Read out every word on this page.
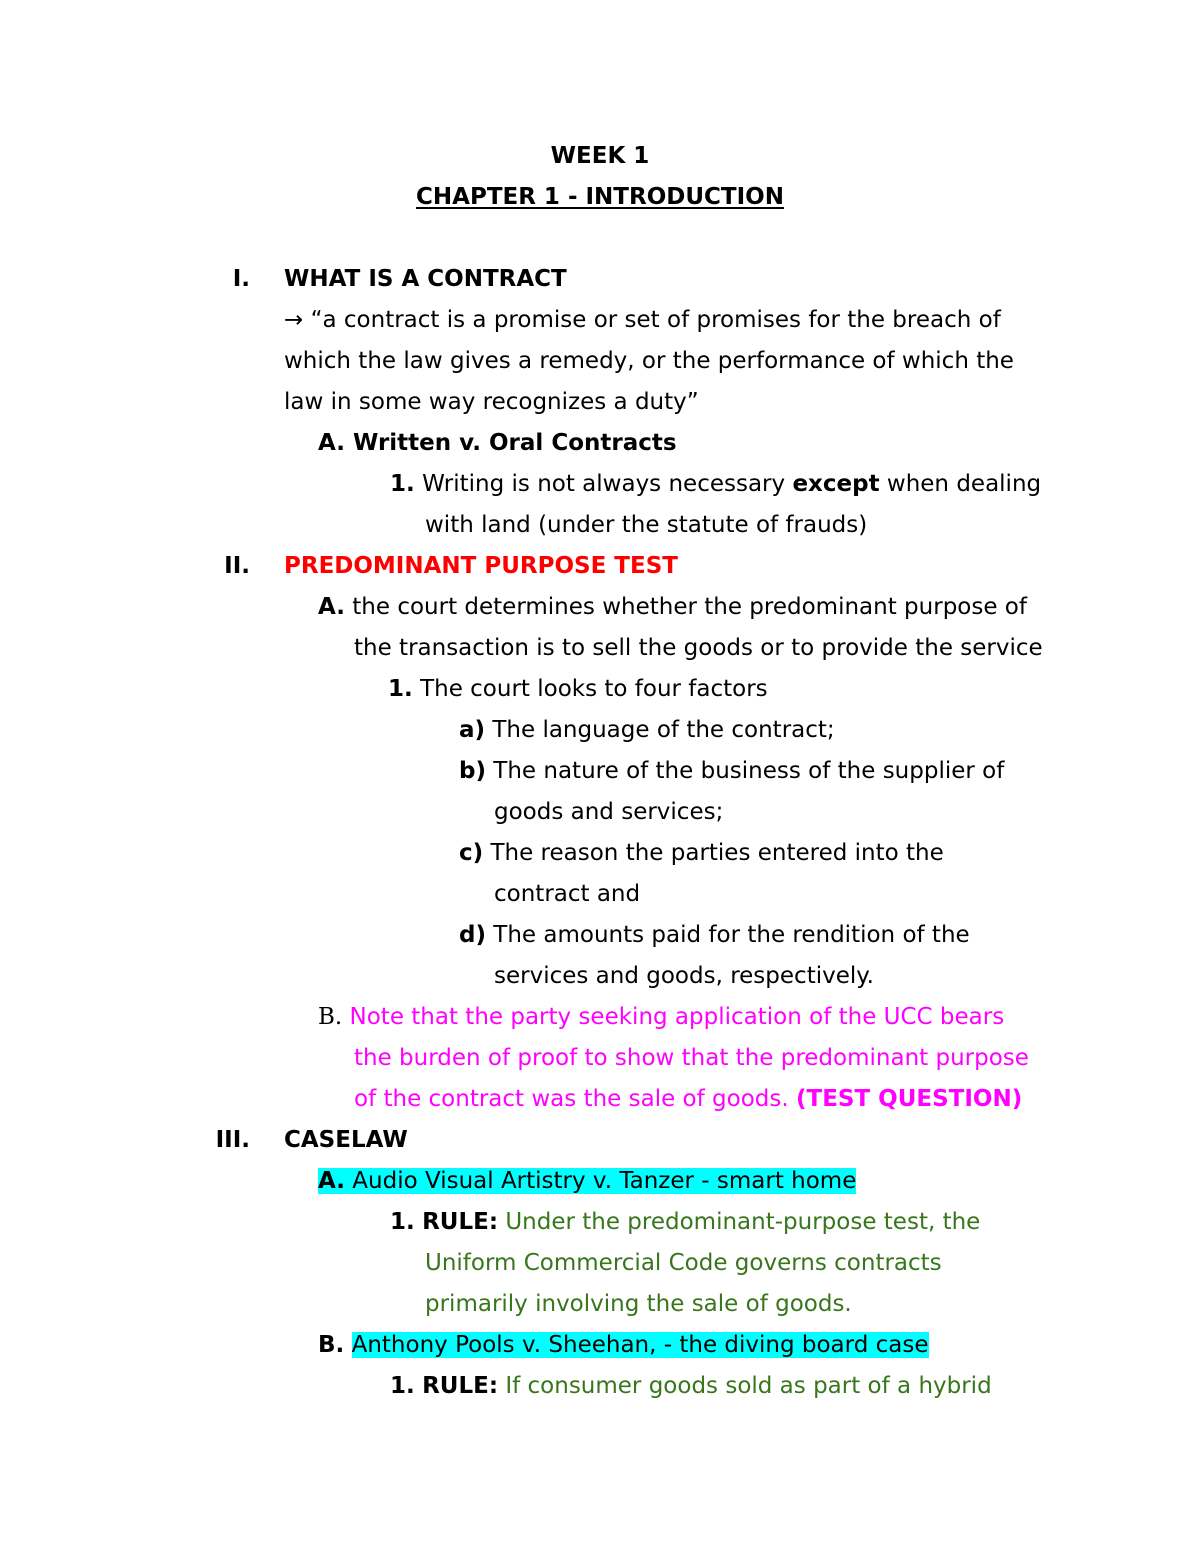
WEEK 1
CHAPTER 1 - INTRODUCTION
I. WHAT IS A CONTRACT
→ “a contract is a promise or set of promises for the breach of
which the law gives a remedy, or the performance of which the
law in some way recognizes a duty”
A. Written v. Oral Contracts
1. Writing is not always necessary except when dealing
with land (under the statute of frauds)
II. PREDOMINANT PURPOSE TEST
A. the court determines whether the predominant purpose of
the transaction is to sell the goods or to provide the service
1. The court looks to four factors
a) The language of the contract;
b) The nature of the business of the supplier of
goods and services;
c) The reason the parties entered into the
contract and
d) The amounts paid for the rendition of the
services and goods, respectively.
B. Note that the party seeking application of the UCC bears
the burden of proof to show that the predominant purpose
of the contract was the sale of goods. (TEST QUESTION)
III. CASELAW
A. Audio Visual Artistry v. Tanzer - smart home
1. RULE: Under the predominant-purpose test, the
Uniform Commercial Code governs contracts
primarily involving the sale of goods.
B. Anthony Pools v. Sheehan, - the diving board case
1. RULE: If consumer goods sold as part of a hybrid
